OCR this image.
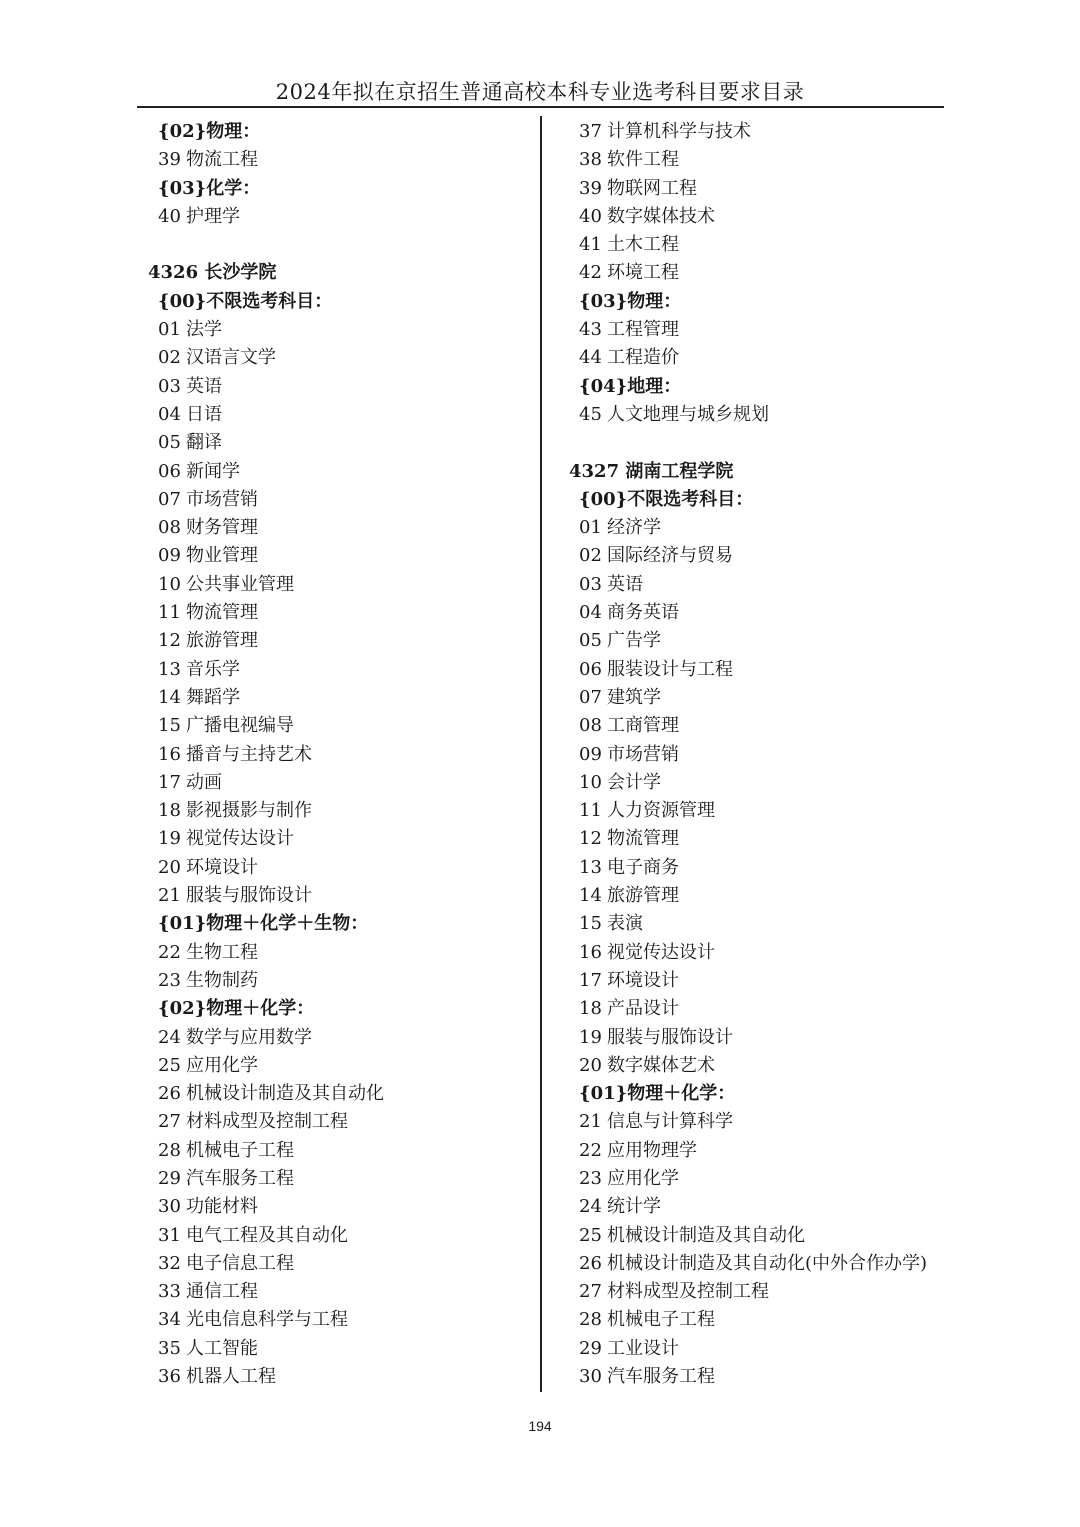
2024年拟在京招生普通高校本科专业选考科目要求目录
{02}物理：
39 物流工程
{03}化学：
40 护理学
4326 长沙学院
{00}不限选考科目：
01 法学
02 汉语言文学
03 英语
04 日语
05 翻译
06 新闻学
07 市场营销
08 财务管理
09 物业管理
10 公共事业管理
11 物流管理
12 旅游管理
13 音乐学
14 舞蹈学
15 广播电视编导
16 播音与主持艺术
17 动画
18 影视摄影与制作
19 视觉传达设计
20 环境设计
21 服装与服饰设计
{01}物理＋化学＋生物：
22 生物工程
23 生物制药
{02}物理＋化学：
24 数学与应用数学
25 应用化学
26 机械设计制造及其自动化
27 材料成型及控制工程
28 机械电子工程
29 汽车服务工程
30 功能材料
31 电气工程及其自动化
32 电子信息工程
33 通信工程
34 光电信息科学与工程
35 人工智能
36 机器人工程
37 计算机科学与技术
38 软件工程
39 物联网工程
40 数字媒体技术
41 土木工程
42 环境工程
{03}物理：
43 工程管理
44 工程造价
{04}地理：
45 人文地理与城乡规划
4327 湖南工程学院
{00}不限选考科目：
01 经济学
02 国际经济与贸易
03 英语
04 商务英语
05 广告学
06 服装设计与工程
07 建筑学
08 工商管理
09 市场营销
10 会计学
11 人力资源管理
12 物流管理
13 电子商务
14 旅游管理
15 表演
16 视觉传达设计
17 环境设计
18 产品设计
19 服装与服饰设计
20 数字媒体艺术
{01}物理＋化学：
21 信息与计算科学
22 应用物理学
23 应用化学
24 统计学
25 机械设计制造及其自动化
26 机械设计制造及其自动化(中外合作办学)
27 材料成型及控制工程
28 机械电子工程
29 工业设计
30 汽车服务工程
194
